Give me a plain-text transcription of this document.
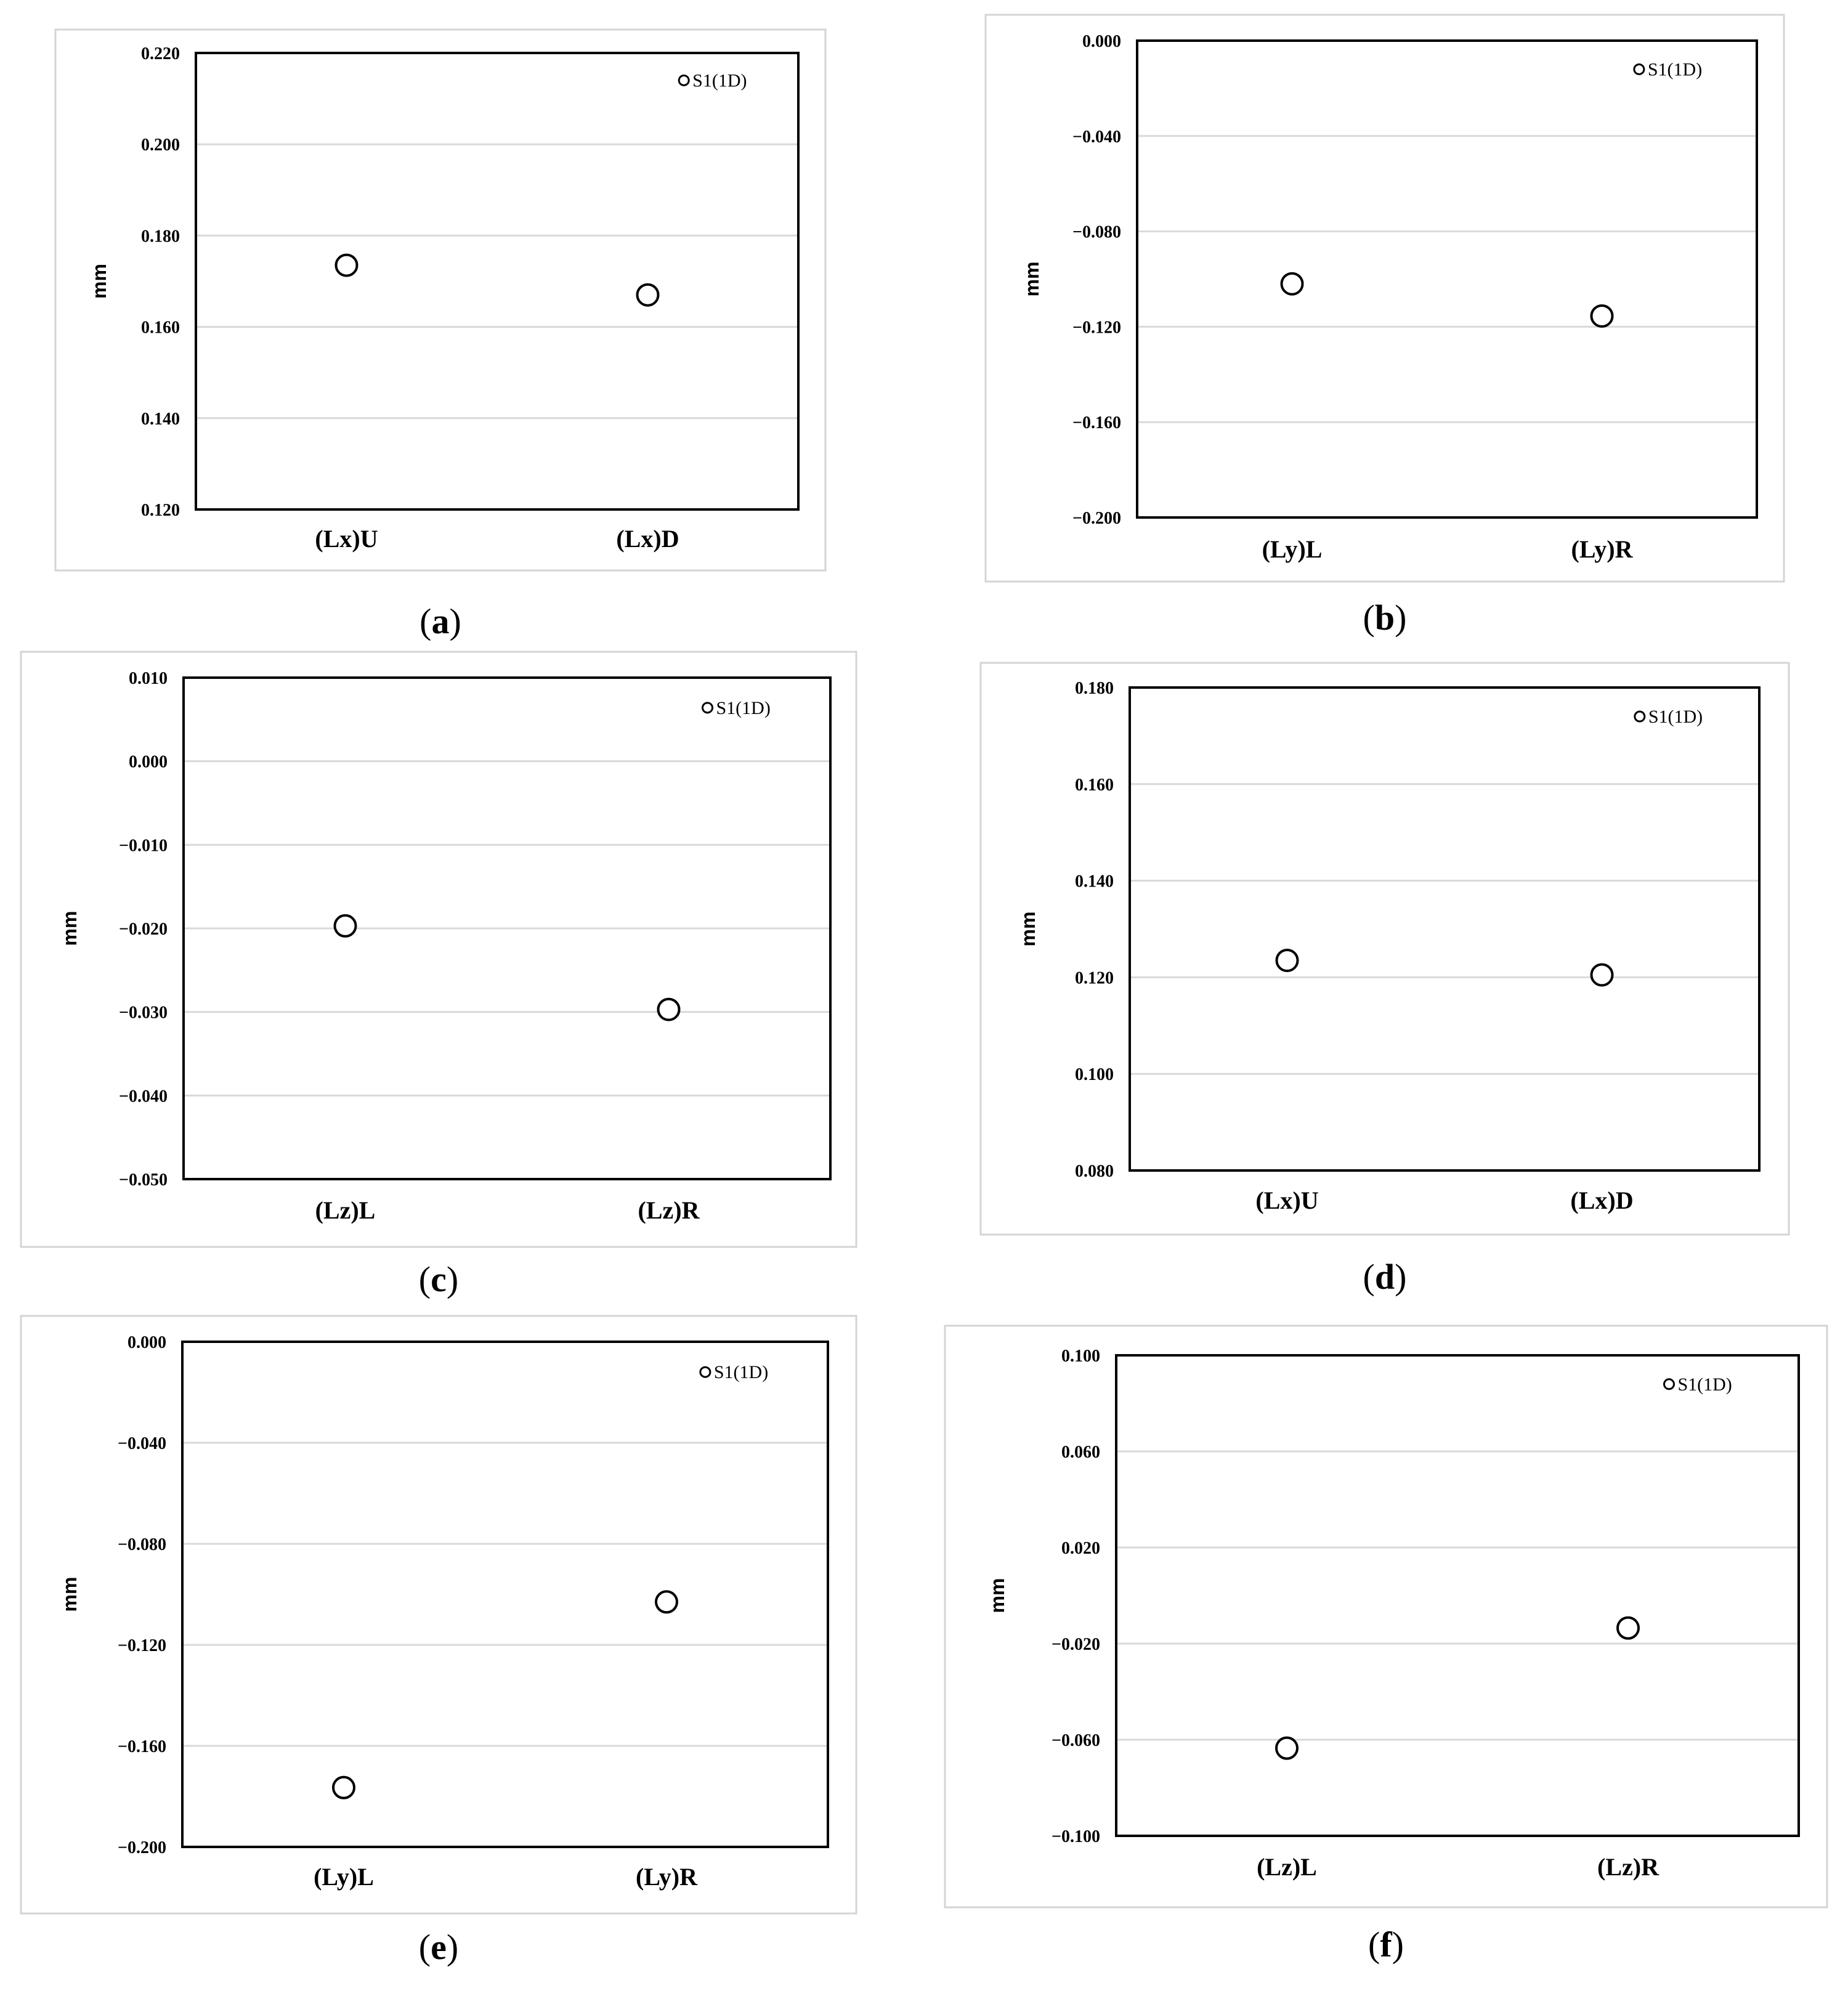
0.120
0.140
0.160
0.180
0.200
0.220
mm
(Lx)U	(Lx)D
S1(1D)
(a)
−0.200
−0.160
−0.120
−0.080
−0.040
0.000
mm
(Ly)L	(Ly)R
S1(1D)
(b)
−0.050
−0.040
−0.030
−0.020
−0.010
0.000
0.010
mm
(Lz)L	(Lz)R
S1(1D)
(c)
0.080
0.100
0.120
0.140
0.160
0.180
mm
(Lx)U	(Lx)D
S1(1D)
(d)
−0.200
−0.160
−0.120
−0.080
−0.040
0.000
mm
(Ly)L	(Ly)R
S1(1D)
(e)
−0.100
−0.060
−0.020
0.020
0.060
0.100
mm
(Lz)L	(Lz)R
S1(1D)
(f)
